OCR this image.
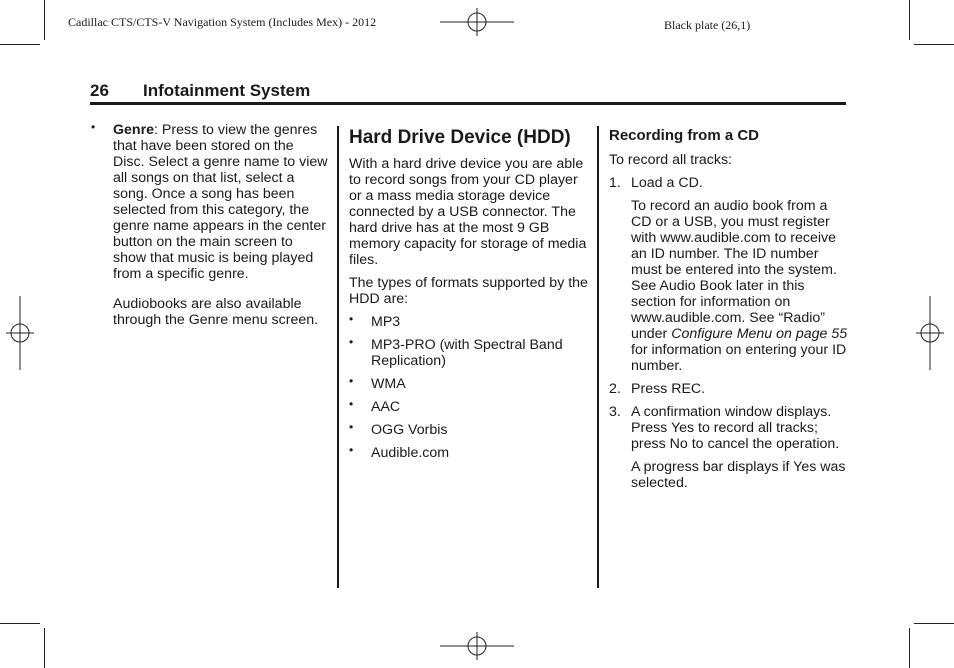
Cadillac CTS/CTS-V Navigation System (Includes Mex) - 2012	Black plate (26,1)
26 Infotainment System
• Genre: Press to view the genres that have been stored on the Disc. Select a genre name to view all songs on that list, select a song. Once a song has been selected from this category, the genre name appears in the center button on the main screen to show that music is being played from a specific genre.

Audiobooks are also available through the Genre menu screen.

Hard Drive Device (HDD)

With a hard drive device you are able to record songs from your CD player or a mass media storage device connected by a USB connector. The hard drive has at the most 9 GB memory capacity for storage of media files.

The types of formats supported by the HDD are:

• MP3
• MP3-PRO (with Spectral Band Replication)
• WMA
• AAC
• OGG Vorbis
• Audible.com
Recording from a CD

To record all tracks:

1. Load a CD.

To record an audio book from a CD or a USB, you must register with www.audible.com to receive an ID number. The ID number must be entered into the system. See Audio Book later in this section for information on www.audible.com. See “Radio” under Configure Menu on page 55 for information on entering your ID number.

2. Press REC.
3. A confirmation window displays. Press Yes to record all tracks; press No to cancel the operation.

A progress bar displays if Yes was selected.
